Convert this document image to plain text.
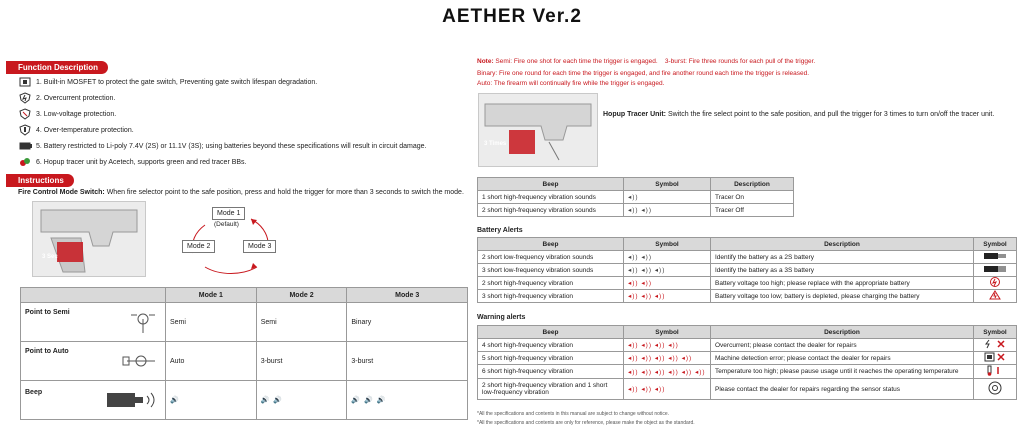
AETHER Ver.2
Function Description
1. Built-in MOSFET to protect the gate switch, Preventing gate switch lifespan degradation.
2. Overcurrent protection.
3. Low-voltage protection.
4. Over-temperature protection.
5. Battery restricted to Li-poly 7.4V (2S) or 11.1V (3S); using batteries beyond these specifications will result in circuit damage.
6. Hopup tracer unit by Acetech, supports green and red tracer BBs.
Instructions
Fire Control Mode Switch: When fire selector point to the safe position, press and hold the trigger for more than 3 seconds to switch the mode.
3 Sec
Mode 1
(Default)
Mode 2	Mode 3
	Mode 1	Mode 2	Mode 3
Point to Semi	Semi	Semi	Binary
Point to Auto	Auto	3-burst	3-burst
Beep	🔊	🔊 🔊	🔊 🔊 🔊
Note: Semi: Fire one shot for each time the trigger is engaged. 3-burst: Fire three rounds for each pull of the trigger.
Binary: Fire one round for each time the trigger is engaged, and fire another round each time the trigger is released.
Auto: The firearm will continually fire while the trigger is engaged.
3 Times
Hopup Tracer Unit: Switch the fire select point to the safe position, and pull the trigger for 3 times to turn on/off the tracer unit.
Beep	Symbol	Description
1 short high-frequency vibration sounds	◂))	Tracer On
2 short high-frequency vibration sounds	◂)) ◂))	Tracer Off
Battery Alerts
Beep	Symbol	Description	Symbol
2 short low-frequency vibration sounds	◂)) ◂))	Identify the battery as a 2S battery	
3 short low-frequency vibration sounds	◂)) ◂)) ◂))	Identify the battery as a 3S battery	
2 short high-frequency vibration	◂)) ◂))	Battery voltage too high; please replace with the appropriate battery	
3 short high-frequency vibration	◂)) ◂)) ◂))	Battery voltage too low; battery is depleted, please charging the battery	
Warning alerts
Beep	Symbol	Description	Symbol
4 short high-frequency vibration	◂)) ◂)) ◂)) ◂))	Overcurrent; please contact the dealer for repairs	
5 short high-frequency vibration	◂)) ◂)) ◂)) ◂)) ◂))	Machine detection error; please contact the dealer for repairs	
6 short high-frequency vibration	◂)) ◂)) ◂)) ◂)) ◂)) ◂))	Temperature too high; please pause usage until it reaches the operating temperature	
2 short high-frequency vibration and 1 short low-frequency vibration	◂)) ◂)) ◂))	Please contact the dealer for repairs regarding the sensor status	
*All the specifications and contents in this manual are subject to change without notice.
*All the specifications and contents are only for reference, please make the object as the standard.
